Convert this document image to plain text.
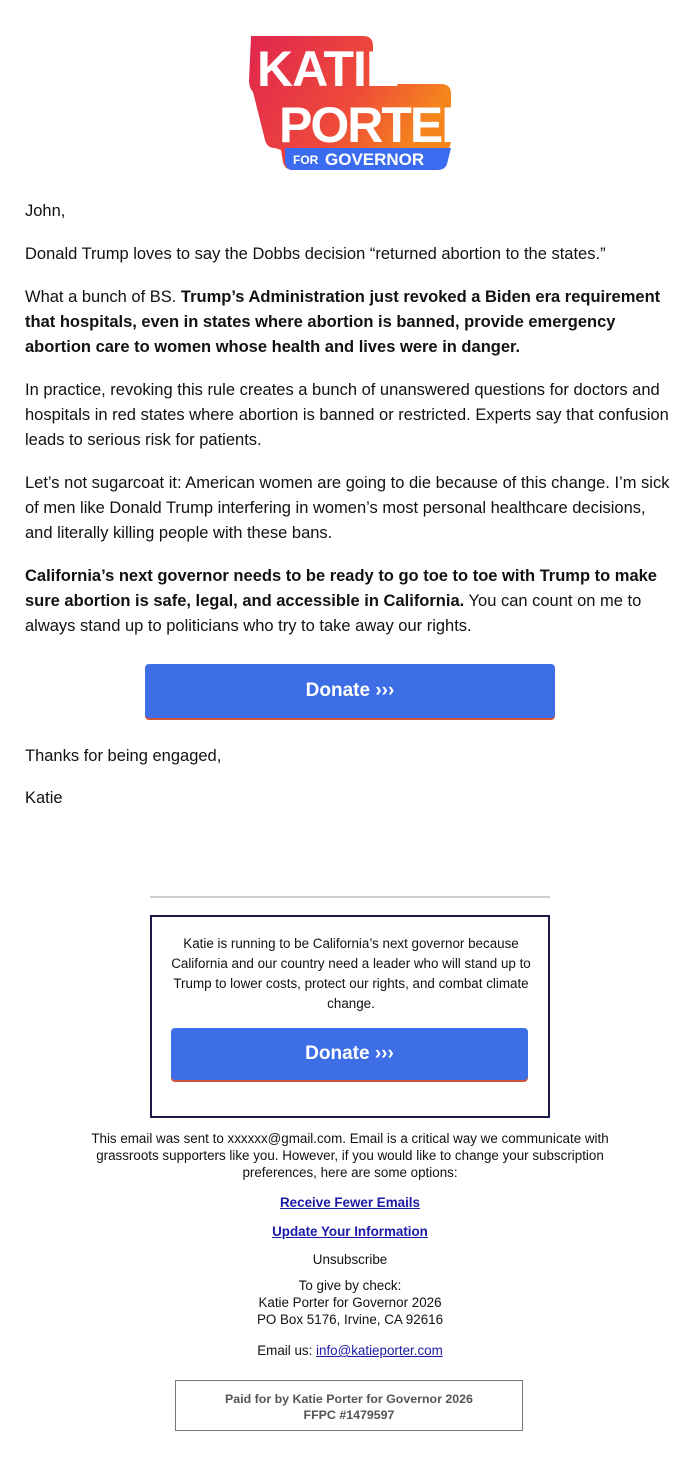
KATIE
PORTER
FOR GOVERNOR

John,

Donald Trump loves to say the Dobbs decision “returned abortion to the states.”

What a bunch of BS. Trump’s Administration just revoked a Biden era requirement that hospitals, even in states where abortion is banned, provide emergency abortion care to women whose health and lives were in danger.

In practice, revoking this rule creates a bunch of unanswered questions for doctors and hospitals in red states where abortion is banned or restricted. Experts say that confusion leads to serious risk for patients.

Let’s not sugarcoat it: American women are going to die because of this change. I’m sick of men like Donald Trump interfering in women’s most personal healthcare decisions, and literally killing people with these bans.

California’s next governor needs to be ready to go toe to toe with Trump to make sure abortion is safe, legal, and accessible in California. You can count on me to always stand up to politicians who try to take away our rights.

Donate ›››

Thanks for being engaged,

Katie

Katie is running to be California’s next governor because California and our country need a leader who will stand up to Trump to lower costs, protect our rights, and combat climate change.
Donate ›››

This email was sent to xxxxxx@gmail.com. Email is a critical way we communicate with grassroots supporters like you. However, if you would like to change your subscription preferences, here are some options:

Receive Fewer Emails

Update Your Information

Unsubscribe

To give by check:

Katie Porter for Governor 2026

PO Box 5176, Irvine, CA 92616

Email us: info@katieporter.com

Paid for by Katie Porter for Governor 2026
FFPC #1479597
